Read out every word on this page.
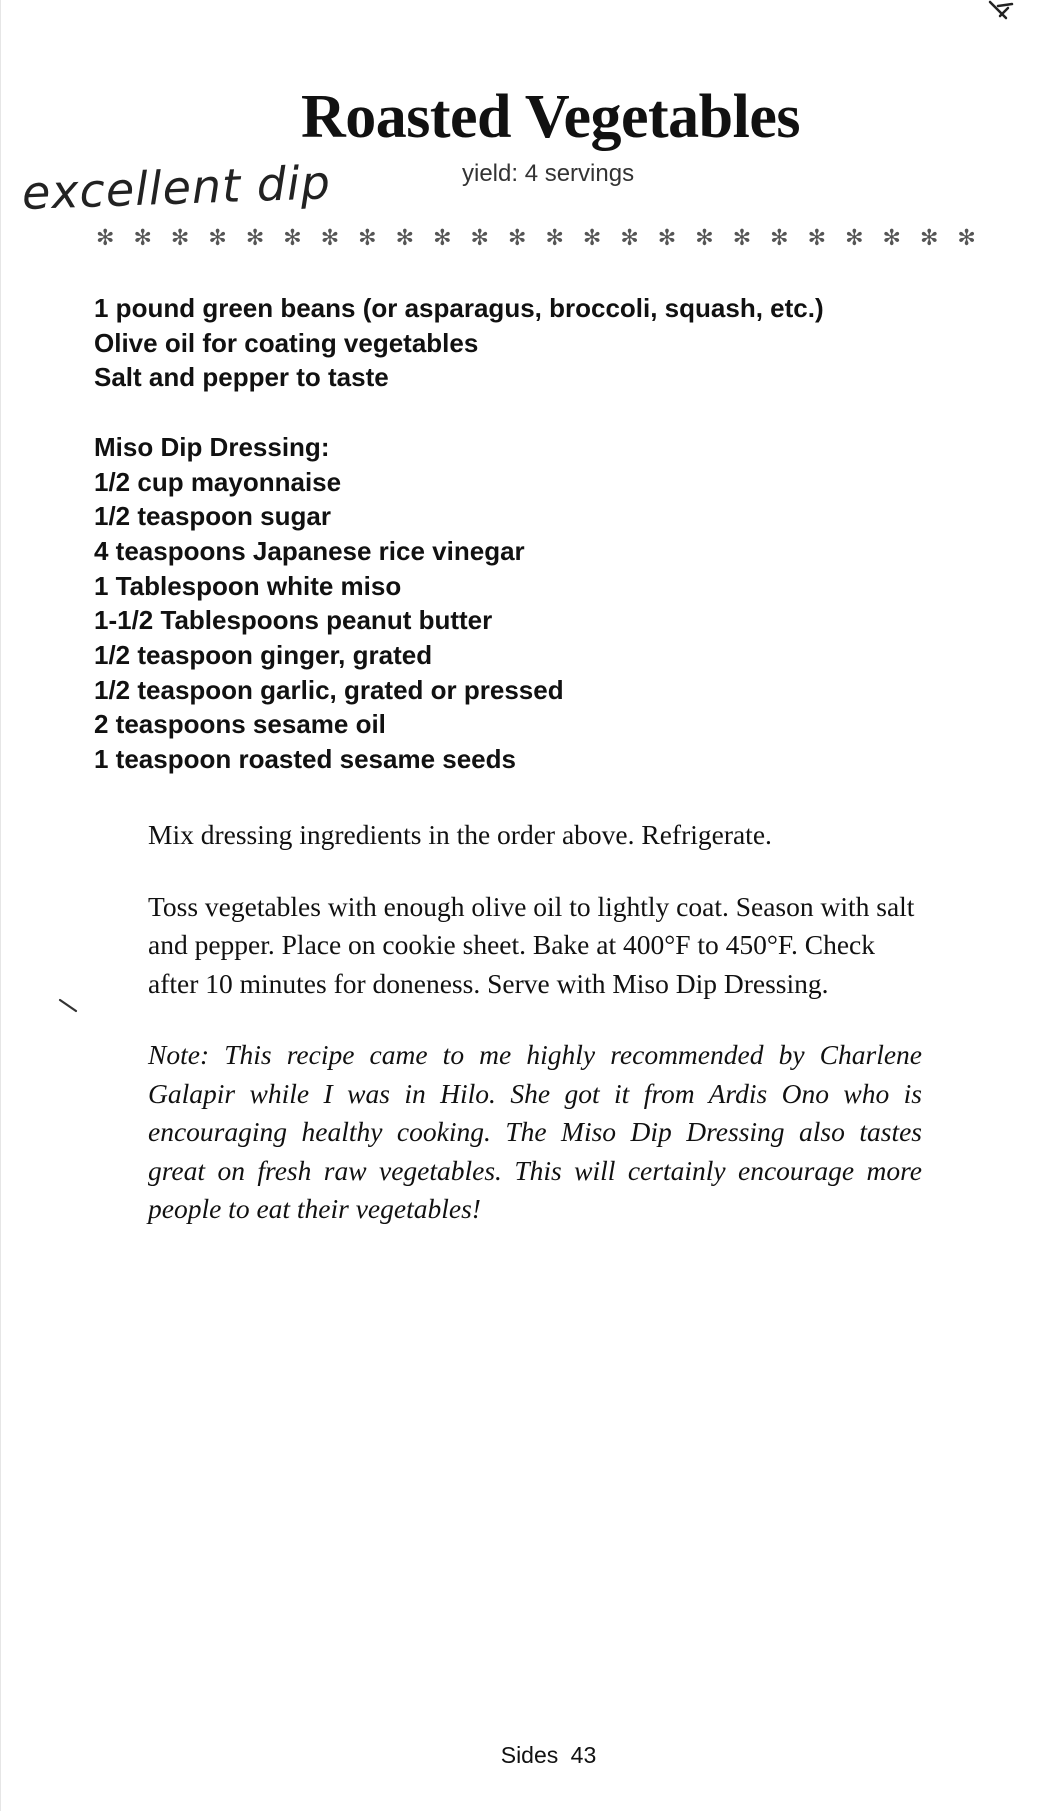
Roasted Vegetables
yield: 4 servings
excellent dip
✻ ✻ ✻ ✻ ✻ ✻ ✻ ✻ ✻ ✻ ✻ ✻ ✻ ✻ ✻ ✻ ✻ ✻ ✻ ✻ ✻ ✻ ✻ ✻
1 pound green beans (or asparagus, broccoli, squash, etc.)
Olive oil for coating vegetables
Salt and pepper to taste
Miso Dip Dressing:
1/2 cup mayonnaise
1/2 teaspoon sugar
4 teaspoons Japanese rice vinegar
1 Tablespoon white miso
1-1/2 Tablespoons peanut butter
1/2 teaspoon ginger, grated
1/2 teaspoon garlic, grated or pressed
2 teaspoons sesame oil
1 teaspoon roasted sesame seeds

Mix dressing ingredients in the order above. Refrigerate.

Toss vegetables with enough olive oil to lightly coat. Season with salt and pepper. Place on cookie sheet. Bake at 400°F to 450°F. Check after 10 minutes for doneness. Serve with Miso Dip Dressing.

Note: This recipe came to me highly recommended by Charlene Galapir while I was in Hilo. She got it from Ardis Ono who is encouraging healthy cooking. The Miso Dip Dressing also tastes great on fresh raw vegetables. This will certainly encourage more people to eat their vegetables!

Sides 43
